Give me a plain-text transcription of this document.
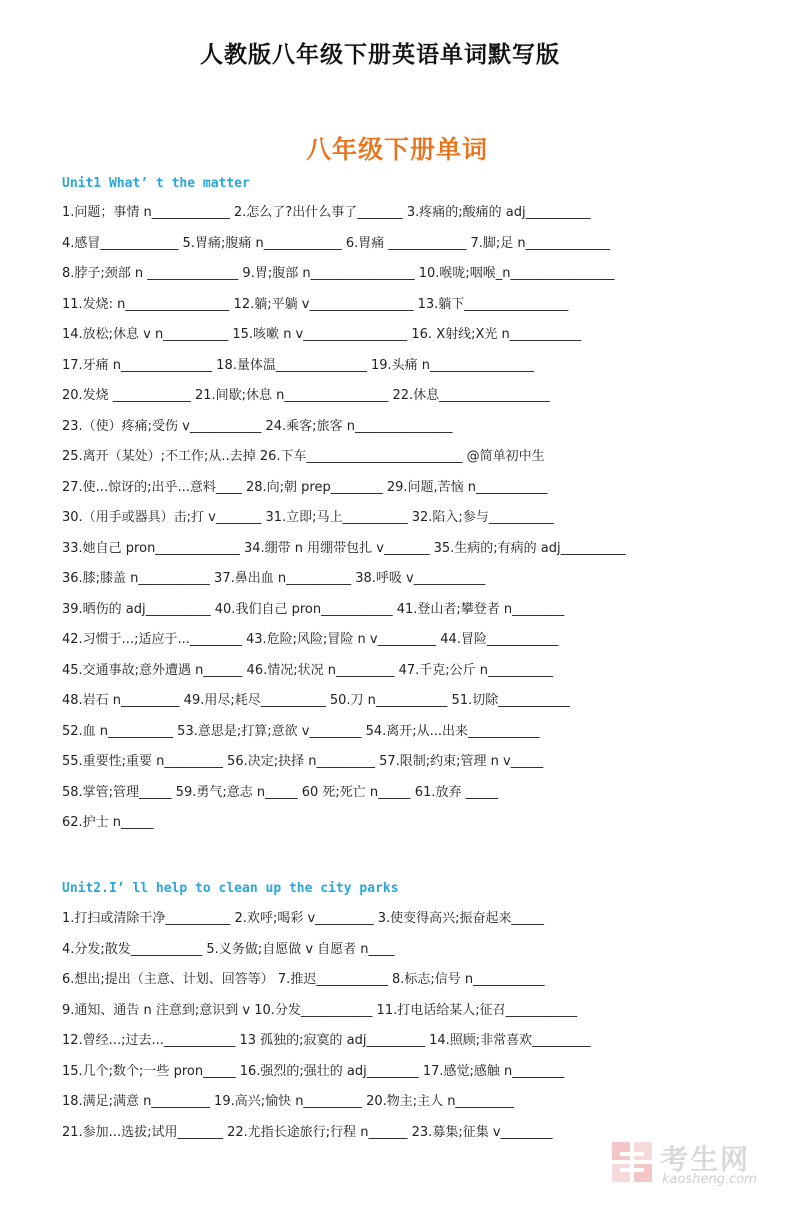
人教版八年级下册英语单词默写版
八年级下册单词
Unit1 What’ t the matter
1.问题；事情 n____________ 2.怎么了?出什么事了_______ 3.疼痛的;酸痛的 adj__________
4.感冒____________ 5.胃痛;腹痛 n____________ 6.胃痛 ____________ 7.脚;足 n_____________
8.脖子;颈部 n ______________ 9.胃;腹部 n________________ 10.喉咙;咽喉_n________________
11.发烧: n________________ 12.躺;平躺 v________________ 13.躺下________________
14.放松;休息 v n__________ 15.咳嗽 n v________________ 16. X射线;X光 n___________
17.牙痛 n______________ 18.量体温______________ 19.头痛 n________________
20.发烧 ____________ 21.间歇;休息 n________________ 22.休息_________________
23.（使）疼痛;受伤 v___________ 24.乘客;旅客 n_______________
25.离开（某处）;不工作;从..去掉 26.下车________________________ @简单初中生
27.使...惊讶的;出乎...意料____ 28.向;朝 prep________ 29.问题,苦恼 n___________
30.（用手或器具）击;打 v_______ 31.立即;马上__________ 32.陷入;参与__________
33.她自己 pron_____________ 34.绷带 n 用绷带包扎 v_______ 35.生病的;有病的 adj__________
36.膝;膝盖 n___________ 37.鼻出血 n__________ 38.呼吸 v___________
39.晒伤的 adj__________ 40.我们自己 pron___________ 41.登山者;攀登者 n________
42.习惯于...;适应于...________ 43.危险;风险;冒险 n v_________ 44.冒险___________
45.交通事故;意外遭遇 n______ 46.情况;状况 n_________ 47.千克;公斤 n__________
48.岩石 n_________ 49.用尽;耗尽__________ 50.刀 n___________ 51.切除___________
52.血 n__________ 53.意思是;打算;意欲 v________ 54.离开;从...出来___________
55.重要性;重要 n_________ 56.决定;抉择 n_________ 57.限制;约束;管理 n v_____
58.掌管;管理_____ 59.勇气;意志 n_____ 60 死;死亡 n_____ 61.放弃 _____
62.护士 n_____
Unit2.I’ ll help to clean up the city parks
1.打扫或清除干净__________ 2.欢呼;喝彩 v_________ 3.使变得高兴;振奋起来_____
4.分发;散发___________ 5.义务做;自愿做 v 自愿者 n____
6.想出;提出（主意、计划、回答等） 7.推迟___________ 8.标志;信号 n___________
9.通知、通告 n 注意到;意识到 v 10.分发___________ 11.打电话给某人;征召___________
12.曾经...;过去...___________ 13 孤独的;寂寞的 adj_________ 14.照顾;非常喜欢_________
15.几个;数个;一些 pron_____ 16.强烈的;强壮的 adj________ 17.感觉;感触 n________
18.满足;满意 n_________ 19.高兴;愉快 n_________ 20.物主;主人 n_________
21.参加...选拔;试用_______ 22.尤指长途旅行;行程 n______ 23.募集;征集 v________
考生网
kaosheng.com
